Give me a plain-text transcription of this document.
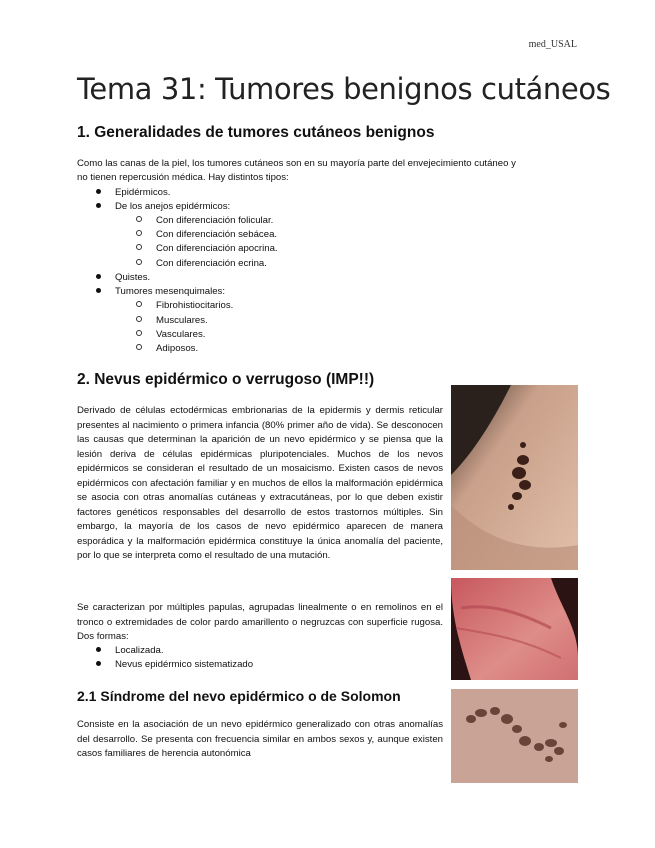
med_USAL
Tema 31: Tumores benignos cutáneos
1. Generalidades de tumores cutáneos benignos

Como las canas de la piel, los tumores cutáneos son en su mayoría parte del envejecimiento cutáneo y

no tienen repercusión médica. Hay distintos tipos:

Epidérmicos.
De los anejos epidérmicos:
Con diferenciación folicular.
Con diferenciación sebácea.
Con diferenciación apocrina.
Con diferenciación ecrina.
Quistes.
Tumores mesenquimales:
Fibrohistiocitarios.
Musculares.
Vasculares.
Adiposos.
2. Nevus epidérmico o verrugoso (IMP!!)

Derivado de células ectodérmicas embrionarias de la epidermis y dermis reticular presentes al nacimiento o primera infancia (80% primer año de vida). Se desconocen las causas que determinan la aparición de un nevo epidérmico y se piensa que la lesión deriva de células epidérmicas pluripotenciales. Muchos de los nevos epidérmicos se consideran el resultado de un mosaicismo. Existen casos de nevos epidérmicos con afectación familiar y en muchos de ellos la malformación epidérmica se asocia con otras anomalías cutáneas y extracutáneas, por lo que deben existir factores genéticos responsables del desarrollo de estos trastornos múltiples. Sin embargo, la mayoría de los casos de nevo epidérmico aparecen de manera esporádica y la malformación epidérmica constituye la única anomalía del paciente, por lo que se interpreta como el resultado de una mutación.

Se caracterizan por múltiples papulas, agrupadas linealmente o en remolinos en el tronco o extremidades de color pardo amarillento o negruzcas con superficie rugosa. Dos formas:

Localizada.
Nevus epidérmico sistematizado
2.1 Síndrome del nevo epidérmico o de Solomon

Consiste en la asociación de un nevo epidérmico generalizado con otras anomalías del desarrollo. Se presenta con frecuencia similar en ambos sexos y, aunque existen casos familiares de herencia autonómica
